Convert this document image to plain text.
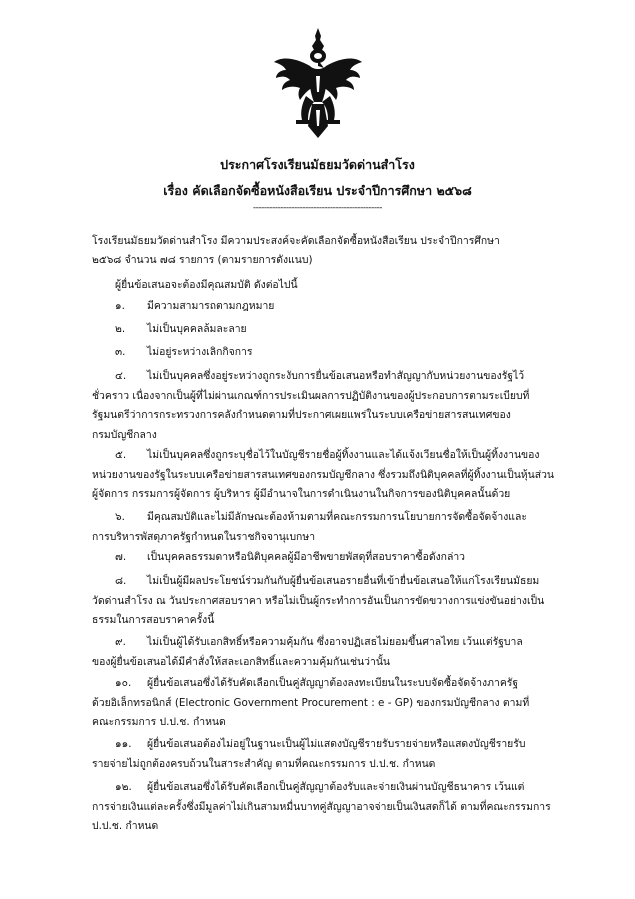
ประกาศโรงเรียนมัธยมวัดด่านสำโรง
เรื่อง คัดเลือกจัดซื้อหนังสือเรียน ประจำปีการศึกษา ๒๕๖๘
-----------------------------------------------
โรงเรียนมัธยมวัดด่านสำโรง มีความประสงค์จะคัดเลือกจัดซื้อหนังสือเรียน ประจำปีการศึกษา
๒๕๖๘ จำนวน ๗๘ รายการ (ตามรายการดังแนบ)
ผู้ยื่นข้อเสนอจะต้องมีคุณสมบัติ ดังต่อไปนี้
๑. มีความสามารถตามกฎหมาย
๒. ไม่เป็นบุคคลล้มละลาย
๓. ไม่อยู่ระหว่างเลิกกิจการ
๔. ไม่เป็นบุคคลซึ่งอยู่ระหว่างถูกระงับการยื่นข้อเสนอหรือทำสัญญากับหน่วยงานของรัฐไว้
ชั่วคราว เนื่องจากเป็นผู้ที่ไม่ผ่านเกณฑ์การประเมินผลการปฏิบัติงานของผู้ประกอบการตามระเบียบที่
รัฐมนตรีว่าการกระทรวงการคลังกำหนดตามที่ประกาศเผยแพร่ในระบบเครือข่ายสารสนเทศของ
กรมบัญชีกลาง
๕. ไม่เป็นบุคคลซึ่งถูกระบุชื่อไว้ในบัญชีรายชื่อผู้ทิ้งงานและได้แจ้งเวียนชื่อให้เป็นผู้ทิ้งงานของ
หน่วยงานของรัฐในระบบเครือข่ายสารสนเทศของกรมบัญชีกลาง ซึ่งรวมถึงนิติบุคคลที่ผู้ทิ้งงานเป็นหุ้นส่วน
ผู้จัดการ กรรมการผู้จัดการ ผู้บริหาร ผู้มีอำนาจในการดำเนินงานในกิจการของนิติบุคคลนั้นด้วย
๖. มีคุณสมบัติและไม่มีลักษณะต้องห้ามตามที่คณะกรรมการนโยบายการจัดซื้อจัดจ้างและ
การบริหารพัสดุภาครัฐกำหนดในราชกิจจานุเบกษา
๗. เป็นบุคคลธรรมดาหรือนิติบุคคลผู้มีอาชีพขายพัสดุที่สอบราคาซื้อดังกล่าว
๘. ไม่เป็นผู้มีผลประโยชน์ร่วมกันกับผู้ยื่นข้อเสนอรายอื่นที่เข้ายื่นข้อเสนอให้แก่โรงเรียนมัธยม
วัดด่านสำโรง ณ วันประกาศสอบราคา หรือไม่เป็นผู้กระทำการอันเป็นการขัดขวางการแข่งขันอย่างเป็น
ธรรมในการสอบราคาครั้งนี้
๙. ไม่เป็นผู้ได้รับเอกสิทธิ์หรือความคุ้มกัน ซึ่งอาจปฏิเสธไม่ยอมขึ้นศาลไทย เว้นแต่รัฐบาล
ของผู้ยื่นข้อเสนอได้มีคำสั่งให้สละเอกสิทธิ์และความคุ้มกันเช่นว่านั้น
๑๐. ผู้ยื่นข้อเสนอซึ่งได้รับคัดเลือกเป็นคู่สัญญาต้องลงทะเบียนในระบบจัดซื้อจัดจ้างภาครัฐ
ด้วยอิเล็กทรอนิกส์ (Electronic Government Procurement : e - GP) ของกรมบัญชีกลาง ตามที่
คณะกรรมการ ป.ป.ช. กำหนด
๑๑. ผู้ยื่นข้อเสนอต้องไม่อยู่ในฐานะเป็นผู้ไม่แสดงบัญชีรายรับรายจ่ายหรือแสดงบัญชีรายรับ
รายจ่ายไม่ถูกต้องครบถ้วนในสาระสำคัญ ตามที่คณะกรรมการ ป.ป.ช. กำหนด
๑๒. ผู้ยื่นข้อเสนอซึ่งได้รับคัดเลือกเป็นคู่สัญญาต้องรับและจ่ายเงินผ่านบัญชีธนาคาร เว้นแต่
การจ่ายเงินแต่ละครั้งซึ่งมีมูลค่าไม่เกินสามหมื่นบาทคู่สัญญาอาจจ่ายเป็นเงินสดก็ได้ ตามที่คณะกรรมการ
ป.ป.ช. กำหนด
